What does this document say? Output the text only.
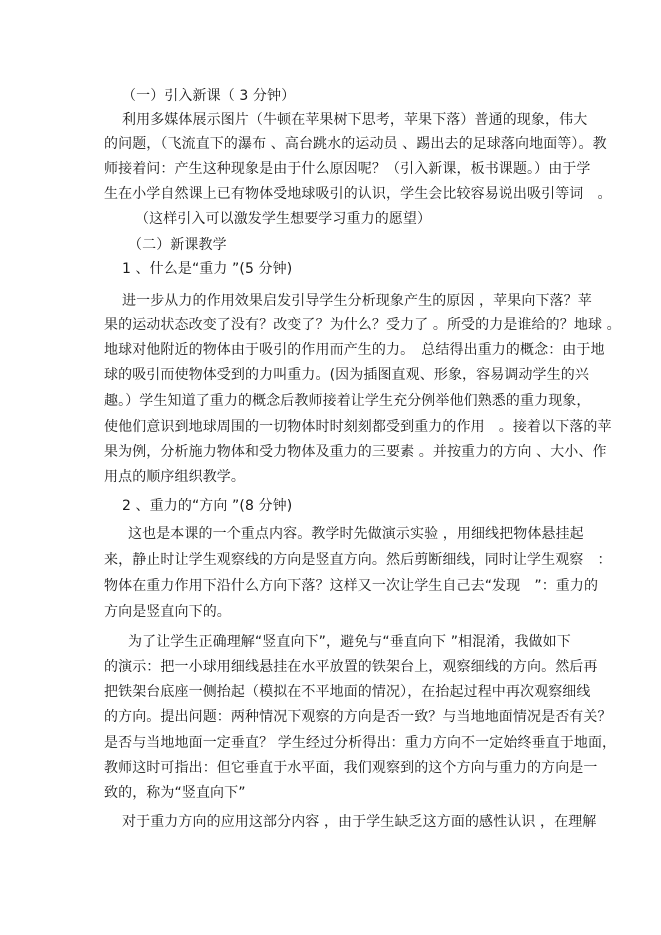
（一）引入新课（ 3 分钟）
利用多媒体展示图片（牛顿在苹果树下思考，苹果下落）普通的现象，伟大
的问题，（飞流直下的瀑布 、高台跳水的运动员 、踢出去的足球落向地面等）。教
师接着问：产生这种现象是由于什么原因呢？（引入新课，板书课题。）由于学
生在小学自然课上已有物体受地球吸引的认识，学生会比较容易说出吸引等词　。
（这样引入可以激发学生想要学习重力的愿望）
（二）新课教学
1 、什么是“重力 ”(5 分钟)
进一步从力的作用效果启发引导学生分析现象产生的原因 ，苹果向下落？苹
果的运动状态改变了没有？改变了？为什么？受力了 。所受的力是谁给的？地球 。
地球对他附近的物体由于吸引的作用而产生的力。　总结得出重力的概念：由于地
球的吸引而使物体受到的力叫重力。(因为插图直观、形象，容易调动学生的兴
趣。）学生知道了重力的概念后教师接着让学生充分例举他们熟悉的重力现象，
使他们意识到地球周围的一切物体时时刻刻都受到重力的作用　。接着以下落的苹
果为例，分析施力物体和受力物体及重力的三要素 。并按重力的方向 、大小、作
用点的顺序组织教学。
2 、重力的“方向 ”(8 分钟)
这也是本课的一个重点内容。教学时先做演示实验 ，用细线把物体悬挂起
来，静止时让学生观察线的方向是竖直方向。然后剪断细线，同时让学生观察　：
物体在重力作用下沿什么方向下落？这样又一次让学生自己去“发现　”：重力的
方向是竖直向下的。
为了让学生正确理解“竖直向下”，避免与“垂直向下 ”相混淆，我做如下
的演示：把一小球用细线悬挂在水平放置的铁架台上，观察细线的方向。然后再
把铁架台底座一侧抬起（模拟在不平地面的情况），在抬起过程中再次观察细线
的方向。提出问题：两种情况下观察的方向是否一致？与当地地面情况是否有关？
是否与当地地面一定垂直？ 学生经过分析得出：重力方向不一定始终垂直于地面，
教师这时可指出：但它垂直于水平面，我们观察到的这个方向与重力的方向是一
致的，称为“竖直向下”
对于重力方向的应用这部分内容 ，由于学生缺乏这方面的感性认识 ，在理解
